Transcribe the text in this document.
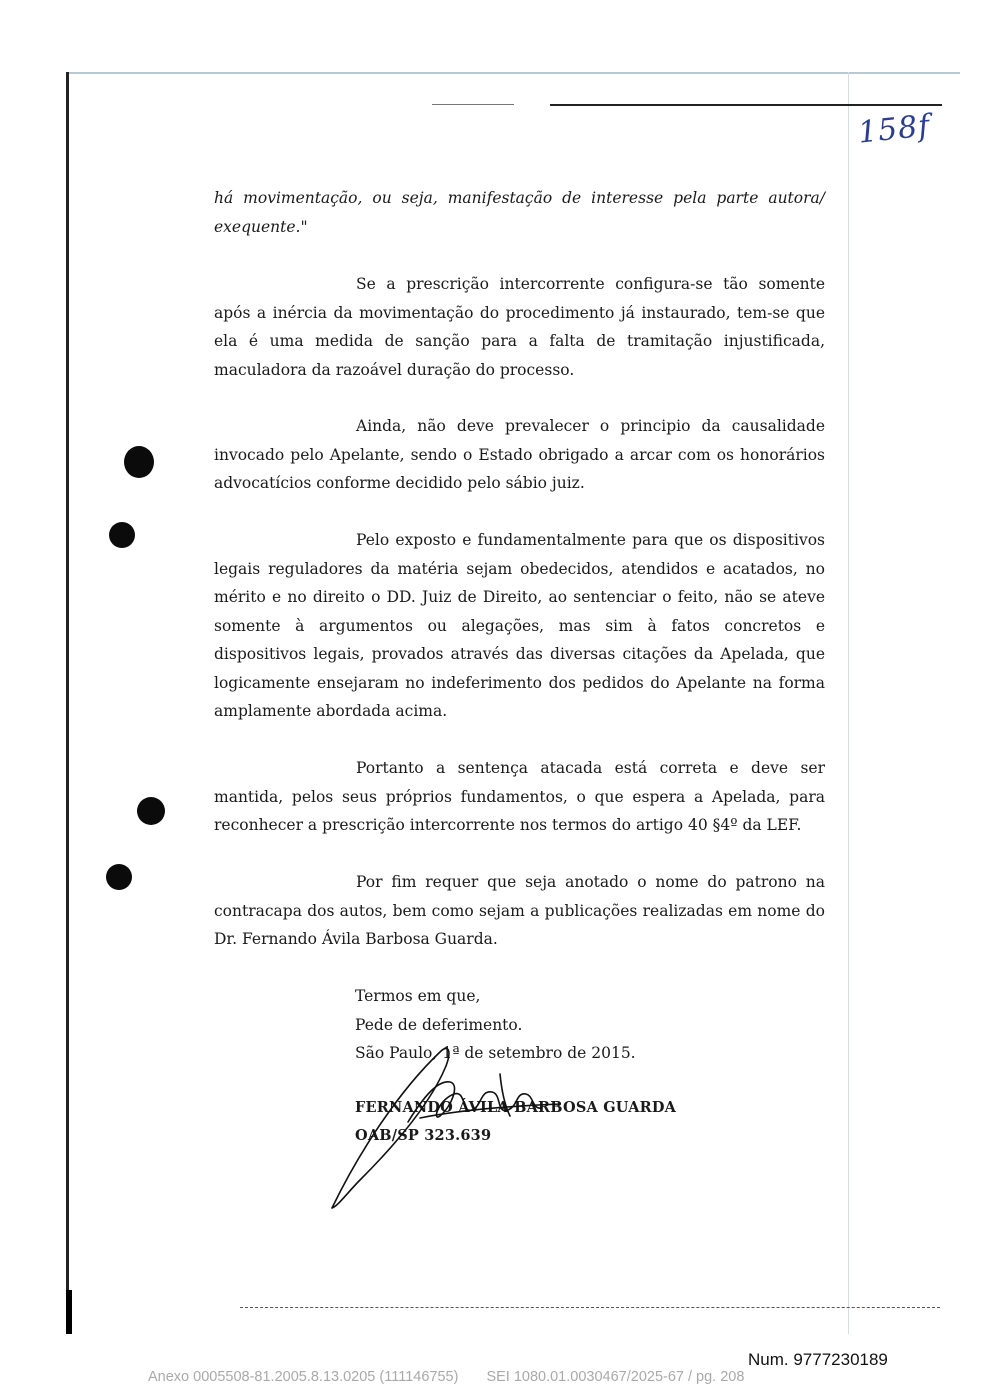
158f

há movimentação, ou seja, manifestação de interesse pela parte autora/ exequente."

Se a prescrição intercorrente configura-se tão somente após a inércia da movimentação do procedimento já instaurado, tem-se que ela é uma medida de sanção para a falta de tramitação injustificada, maculadora da razoável duração do processo.

Ainda, não deve prevalecer o principio da causalidade invocado pelo Apelante, sendo o Estado obrigado a arcar com os honorários advocatícios conforme decidido pelo sábio juiz.

Pelo exposto e fundamentalmente para que os dispositivos legais reguladores da matéria sejam obedecidos, atendidos e acatados, no mérito e no direito o DD. Juiz de Direito, ao sentenciar o feito, não se ateve somente à argumentos ou alegações, mas sim à fatos concretos e dispositivos legais, provados através das diversas citações da Apelada, que logicamente ensejaram no indeferimento dos pedidos do Apelante na forma amplamente abordada acima.

Portanto a sentença atacada está correta e deve ser mantida, pelos seus próprios fundamentos, o que espera a Apelada, para reconhecer a prescrição intercorrente nos termos do artigo 40 §4º da LEF.

Por fim requer que seja anotado o nome do patrono na contracapa dos autos, bem como sejam a publicações realizadas em nome do Dr. Fernando Ávila Barbosa Guarda.

Termos em que,
Pede de deferimento.
São Paulo, 1ª de setembro de 2015.
FERNANDO ÁVILA BARBOSA GUARDA
OAB/SP 323.639
Num. 9777230189
Anexo 0005508-81.2005.8.13.0205 (111146755) SEI 1080.01.0030467/2025-67 / pg. 208
